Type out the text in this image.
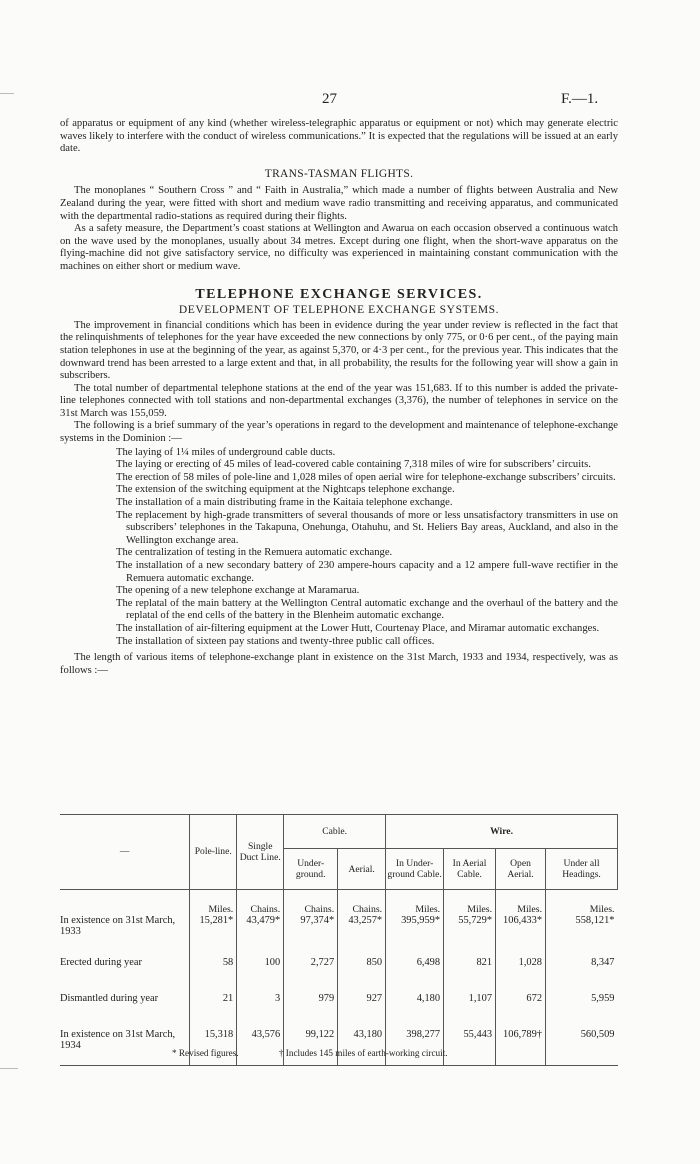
27	F.—1.

of apparatus or equipment of any kind (whether wireless-telegraphic apparatus or equipment or not) which may generate electric waves likely to interfere with the conduct of wireless communications.” It is expected that the regulations will be issued at an early date.

TRANS-TASMAN FLIGHTS.

The monoplanes “ Southern Cross ” and “ Faith in Australia,” which made a number of flights between Australia and New Zealand during the year, were fitted with short and medium wave radio transmitting and receiving apparatus, and communicated with the departmental radio-stations as required during their flights.

As a safety measure, the Department’s coast stations at Wellington and Awarua on each occasion observed a continuous watch on the wave used by the monoplanes, usually about 34 metres. Except during one flight, when the short-wave apparatus on the flying-machine did not give satisfactory service, no difficulty was experienced in maintaining constant communication with the machines on either short or medium wave.

TELEPHONE EXCHANGE SERVICES.
DEVELOPMENT OF TELEPHONE EXCHANGE SYSTEMS.

The improvement in financial conditions which has been in evidence during the year under review is reflected in the fact that the relinquishments of telephones for the year have exceeded the new connections by only 775, or 0·6 per cent., of the paying main station telephones in use at the beginning of the year, as against 5,370, or 4·3 per cent., for the previous year. This indicates that the downward trend has been arrested to a large extent and that, in all probability, the results for the following year will show a gain in subscribers.

The total number of departmental telephone stations at the end of the year was 151,683. If to this number is added the private-line telephones connected with toll stations and non-departmental exchanges (3,376), the number of telephones in service on the 31st March was 155,059.

The following is a brief summary of the year’s operations in regard to the development and maintenance of telephone-exchange systems in the Dominion :—

The laying of 1¼ miles of underground cable ducts.
The laying or erecting of 45 miles of lead-covered cable containing 7,318 miles of wire for subscribers’ circuits.
The erection of 58 miles of pole-line and 1,028 miles of open aerial wire for telephone-exchange subscribers’ circuits.
The extension of the switching equipment at the Nightcaps telephone exchange.
The installation of a main distributing frame in the Kaitaia telephone exchange.
The replacement by high-grade transmitters of several thousands of more or less unsatisfactory transmitters in use on subscribers’ telephones in the Takapuna, Onehunga, Otahuhu, and St. Heliers Bay areas, Auckland, and also in the Wellington exchange area.
The centralization of testing in the Remuera automatic exchange.
The installation of a new secondary battery of 230 ampere-hours capacity and a 12 ampere full-wave rectifier in the Remuera automatic exchange.
The opening of a new telephone exchange at Maramarua.
The replatal of the main battery at the Wellington Central automatic exchange and the overhaul of the battery and the replatal of the end cells of the battery in the Blenheim automatic exchange.
The installation of air-filtering equipment at the Lower Hutt, Courtenay Place, and Miramar automatic exchanges.
The installation of sixteen pay stations and twenty-three public call offices.

The length of various items of telephone-exchange plant in existence on the 31st March, 1933 and 1934, respectively, was as follows :—

—	Pole-line.	Single Duct Line.	Cable.		Wire.			
			Under-ground.	Aerial.	In Under-ground Cable.	In Aerial Cable.	Open Aerial.	Under all Headings.
	Miles.	Chains.	Chains.	Chains.	Miles.	Miles.	Miles.	Miles.
In existence on 31st March, 1933	15,281*	43,479*	97,374*	43,257*	395,959*	55,729*	106,433*	558,121*
Erected during year	58	100	2,727	850	6,498	821	1,028	8,347
Dismantled during year	21	3	979	927	4,180	1,107	672	5,959
In existence on 31st March, 1934	15,318	43,576	99,122	43,180	398,277	55,443	106,789†	560,509
* Revised figures.	† Includes 145 miles of earth-working circuit.
